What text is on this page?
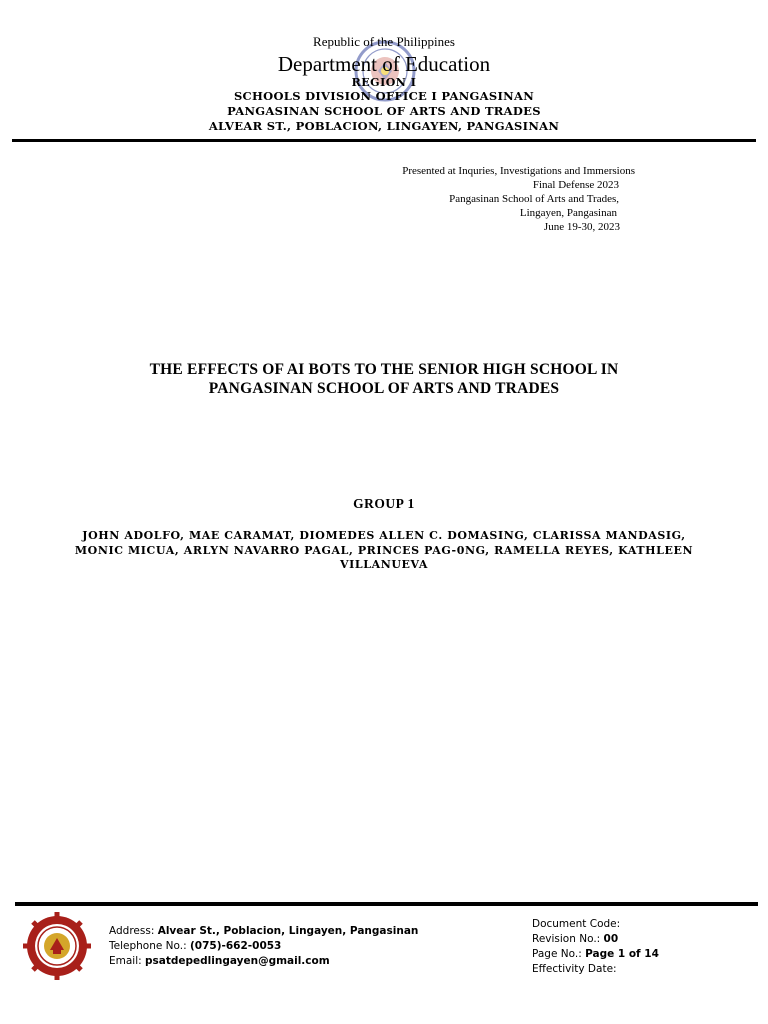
Republic of the Philippines
Department of Education
REGION I
SCHOOLS DIVISION OFFICE I PANGASINAN
PANGASINAN SCHOOL OF ARTS AND TRADES
ALVEAR ST., POBLACION, LINGAYEN, PANGASINAN
Presented at Inquries, Investigations and Immersions
Final Defense 2023
Pangasinan School of Arts and Trades,
Lingayen, Pangasinan
June 19-30, 2023
THE EFFECTS OF AI BOTS TO THE SENIOR HIGH SCHOOL IN
PANGASINAN SCHOOL OF ARTS AND TRADES
GROUP 1
JOHN ADOLFO, MAE CARAMAT, DIOMEDES ALLEN C. DOMASING, CLARISSA MANDASIG,
MONIC MICUA, ARLYN NAVARRO PAGAL, PRINCES PAG-0NG, RAMELLA REYES, KATHLEEN
VILLANUEVA
Address: Alvear St., Poblacion, Lingayen, Pangasinan
Telephone No.: (075)-662-0053
Email: psatdepedlingayen@gmail.com
Document Code:
Revision No.: 00
Page No.: Page 1 of 14
Effectivity Date:
